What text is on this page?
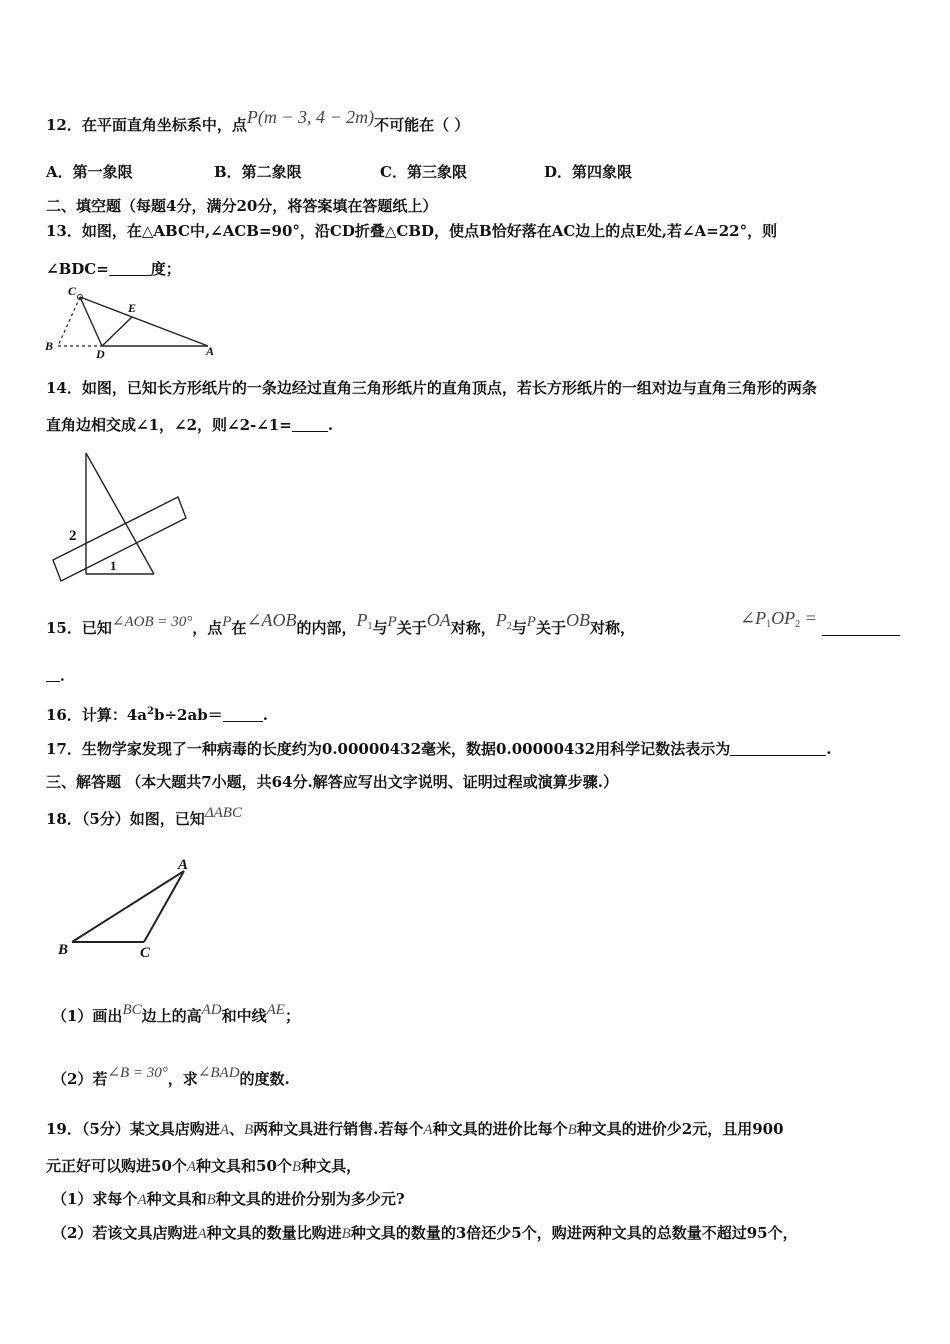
12．在平面直角坐标系中，点P(m − 3, 4 − 2m)不可能在（ ）
A．第一象限	B．第二象限	C．第三象限	D．第四象限
二、填空题（每题4分，满分20分，将答案填在答题纸上）
13．如图，在△ABC中,∠ACB=90°，沿CD折叠△CBD，使点B恰好落在AC边上的点E处,若∠A=22°，则
∠BDC=	度；
C
E
B
D	A
14．如图，已知长方形纸片的一条边经过直角三角形纸片的直角顶点，若长方形纸片的一组对边与直角三角形的两条
直角边相交成∠1，∠2，则∠2-∠1= .
2
1
15．已知∠AOB = 30°，点P在∠AOB的内部，$P_1$与P关于OA对称，$P_2$与P关于OB对称，	$\angle P_1OP_2$ =
．
16．计算：$4a^2b\div 2ab=$	.
17．生物学家发现了一种病毒的长度约为0.00000432毫米，数据0.00000432用科学记数法表示为	.
三、解答题 （本大题共7小题，共64分.解答应写出文字说明、证明过程或演算步骤.）
18．（5分）如图，已知ΔABC
A
B	C
（1）画出BC边上的高AD和中线AE；
（2）若∠B = 30°，求∠BAD的度数.
19．（5分）某文具店购进A、B两种文具进行销售.若每个A种文具的进价比每个B种文具的进价少2元，且用900
元正好可以购进50个A种文具和50个B种文具，
（1）求每个A种文具和B种文具的进价分别为多少元?
（2）若该文具店购进A种文具的数量比购进B种文具的数量的3倍还少5个，购进两种文具的总数量不超过95个，
